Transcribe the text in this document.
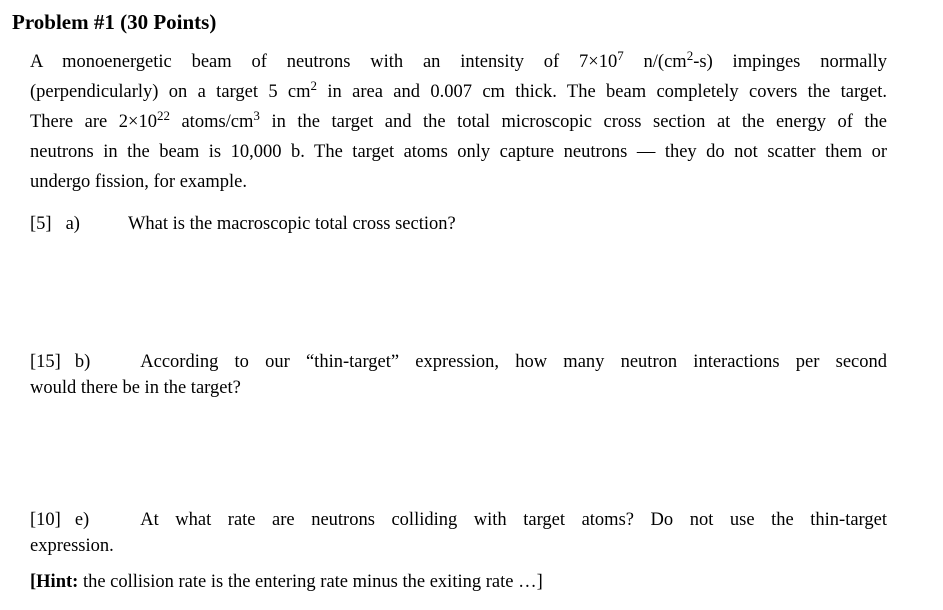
Problem #1 (30 Points)
A monoenergetic beam of neutrons with an intensity of $7\times 10^7$ $n/(cm^2-s)$ impinges normally
(perpendicularly) on a target 5 $cm^2$ in area and 0.007 cm thick. The beam completely covers the target.
There are $2\times 10^{22}$ atoms/$cm^3$ in the target and the total microscopic cross section at the energy of the
neutrons in the beam is 10,000 b. The target atoms only capture neutrons — they do not scatter them or
undergo fission, for example.
[5] a)	What is the macroscopic total cross section?
[15] b)	According to our “thin-target” expression, how many neutron interactions per second
would there be in the target?
[10] e)	At what rate are neutrons colliding with target atoms? Do not use the thin-target
expression.
[Hint: the collision rate is the entering rate minus the exiting rate …]
